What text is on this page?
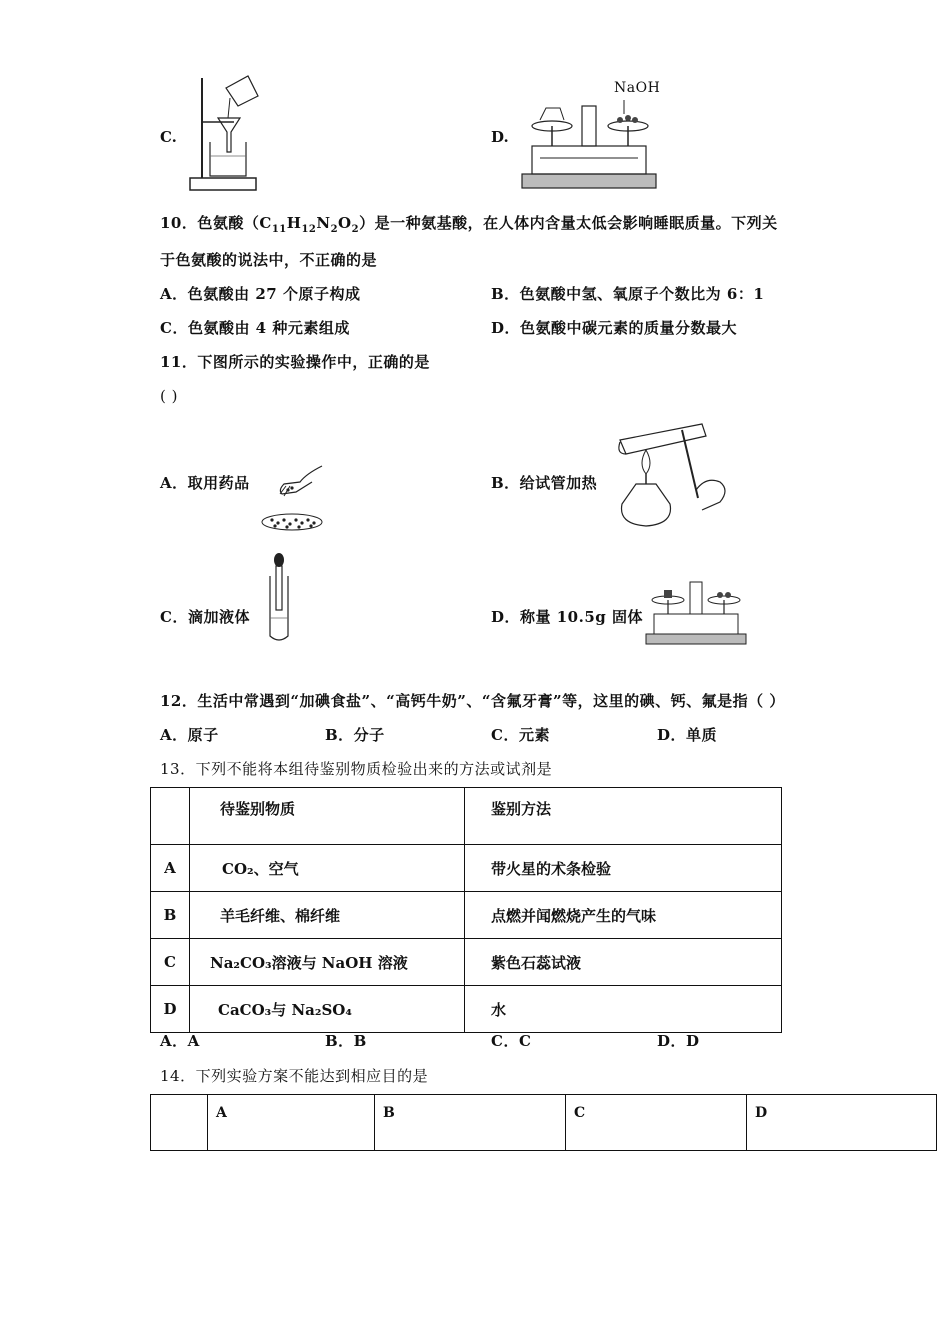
C.	D.
NaOH
10．色氨酸$(C_{11}H_{12}N_2O_2)$是一种氨基酸，在人体内含量太低会影响睡眠质量。下列关
于色氨酸的说法中，不正确的是
A．色氨酸由 27 个原子构成	B．色氨酸中氢、氧原子个数比为 6：1
C．色氨酸由 4 种元素组成	D．色氨酸中碳元素的质量分数最大
11．下图所示的实验操作中，正确的是
( )
A．取用药品	B．给试管加热
C．滴加液体	D．称量 10.5g 固体
12．生活中常遇到“加碘食盐”、“高钙牛奶”、“含氟牙膏”等，这里的碘、钙、氟是指（ ）
A．原子	B．分子	C．元素	D．单质
13．下列不能将本组待鉴别物质检验出来的方法或试剂是
	待鉴别物质	鉴别方法
A	CO₂、空气	带火星的术条检验
B	羊毛纤维、棉纤维	点燃并闻燃烧产生的气味
C	Na₂CO₃溶液与 NaOH 溶液	紫色石蕊试液
D	CaCO₃与 Na₂SO₄	水
A．A	B．B	C．C	D．D
14．下列实验方案不能达到相应目的是
	A	B	C	D
